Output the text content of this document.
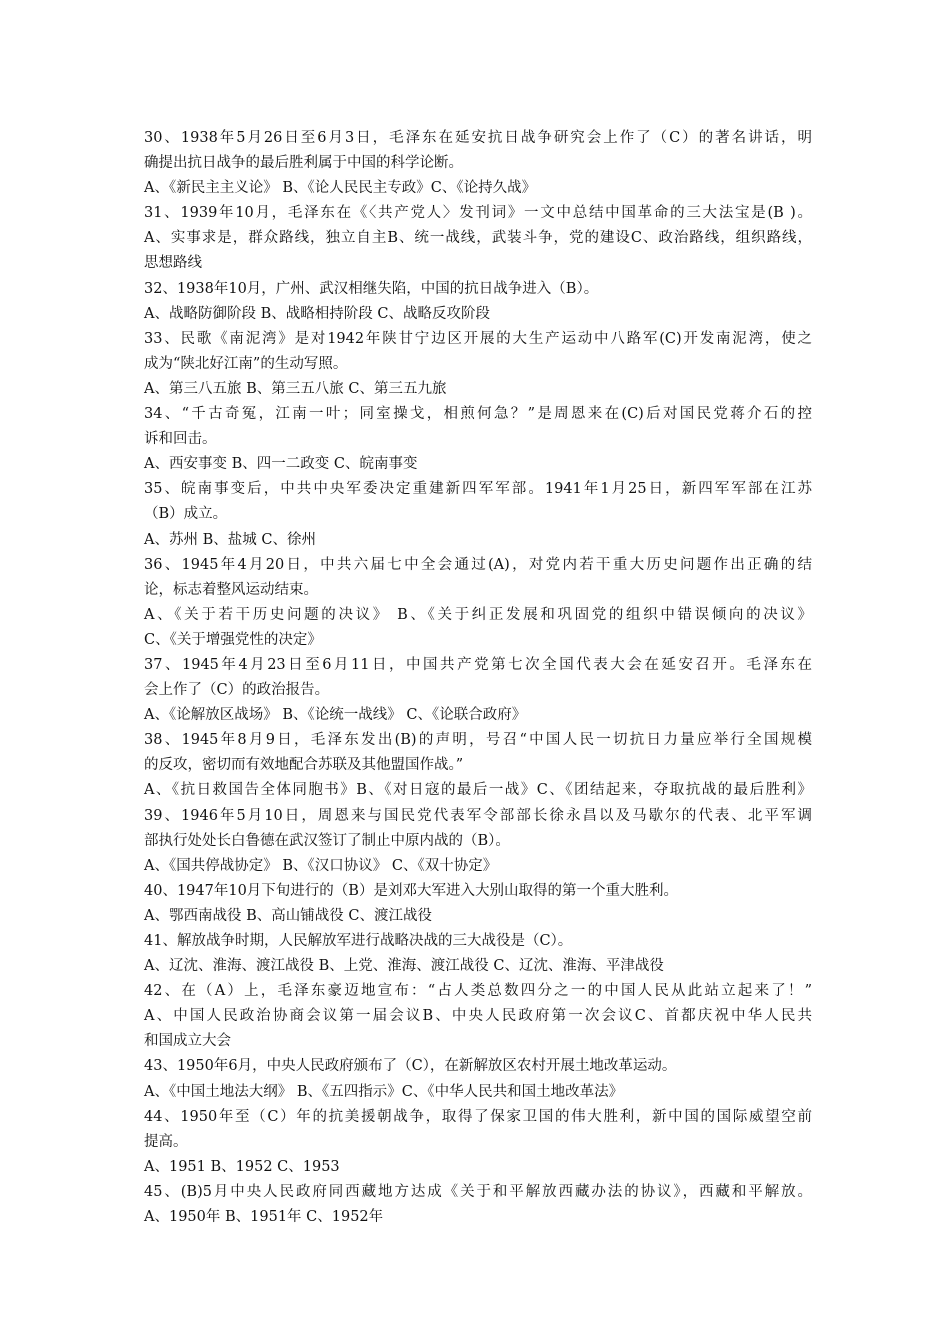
30、1938年5月26日至6月3日，毛泽东在延安抗日战争研究会上作了（C）的著名讲话，明
确提出抗日战争的最后胜利属于中国的科学论断。
A、《新民主主义论》 B、《论人民民主专政》C、《论持久战》
31、1939年10月，毛泽东在《〈共产党人〉发刊词》一文中总结中国革命的三大法宝是(B )。
A、实事求是，群众路线，独立自主B、统一战线，武装斗争，党的建设C、政治路线，组织路线，
思想路线
32、1938年10月，广州、武汉相继失陷，中国的抗日战争进入（B）。
A、战略防御阶段 B、战略相持阶段 C、战略反攻阶段
33、民歌《南泥湾》是对1942年陕甘宁边区开展的大生产运动中八路军(C)开发南泥湾，使之
成为“陕北好江南”的生动写照。
A、第三八五旅 B、第三五八旅 C、第三五九旅
34、“千古奇冤，江南一叶；同室操戈，相煎何急？”是周恩来在(C)后对国民党蒋介石的控
诉和回击。
A、西安事变 B、四一二政变 C、皖南事变
35、皖南事变后，中共中央军委决定重建新四军军部。1941年1月25日，新四军军部在江苏
（B）成立。
A、苏州 B、盐城 C、徐州
36、1945年4月20日，中共六届七中全会通过(A)，对党内若干重大历史问题作出正确的结
论，标志着整风运动结束。
A、《关于若干历史问题的决议》 B、《关于纠正发展和巩固党的组织中错误倾向的决议》
C、《关于增强党性的决定》
37、1945年4月23日至6月11日，中国共产党第七次全国代表大会在延安召开。毛泽东在
会上作了（C）的政治报告。
A、《论解放区战场》 B、《论统一战线》 C、《论联合政府》
38、1945年8月9日，毛泽东发出(B)的声明，号召“中国人民一切抗日力量应举行全国规模
的反攻，密切而有效地配合苏联及其他盟国作战。”
A、《抗日救国告全体同胞书》B、《对日寇的最后一战》C、《团结起来，夺取抗战的最后胜利》
39、1946年5月10日，周恩来与国民党代表军令部部长徐永昌以及马歇尔的代表、北平军调
部执行处处长白鲁德在武汉签订了制止中原内战的（B）。
A、《国共停战协定》 B、《汉口协议》 C、《双十协定》
40、1947年10月下旬进行的（B）是刘邓大军进入大别山取得的第一个重大胜利。
A、鄂西南战役 B、高山铺战役 C、渡江战役
41、解放战争时期，人民解放军进行战略决战的三大战役是（C）。
A、辽沈、淮海、渡江战役 B、上党、淮海、渡江战役 C、辽沈、淮海、平津战役
42、在（A）上，毛泽东豪迈地宣布：“占人类总数四分之一的中国人民从此站立起来了！”
A、中国人民政治协商会议第一届会议B、中央人民政府第一次会议C、首都庆祝中华人民共
和国成立大会
43、1950年6月，中央人民政府颁布了（C），在新解放区农村开展土地改革运动。
A、《中国土地法大纲》 B、《五四指示》C、《中华人民共和国土地改革法》
44、1950年至（C）年的抗美援朝战争，取得了保家卫国的伟大胜利，新中国的国际威望空前
提高。
A、1951 B、1952 C、1953
45、(B)5月中央人民政府同西藏地方达成《关于和平解放西藏办法的协议》，西藏和平解放。
A、1950年 B、1951年 C、1952年
